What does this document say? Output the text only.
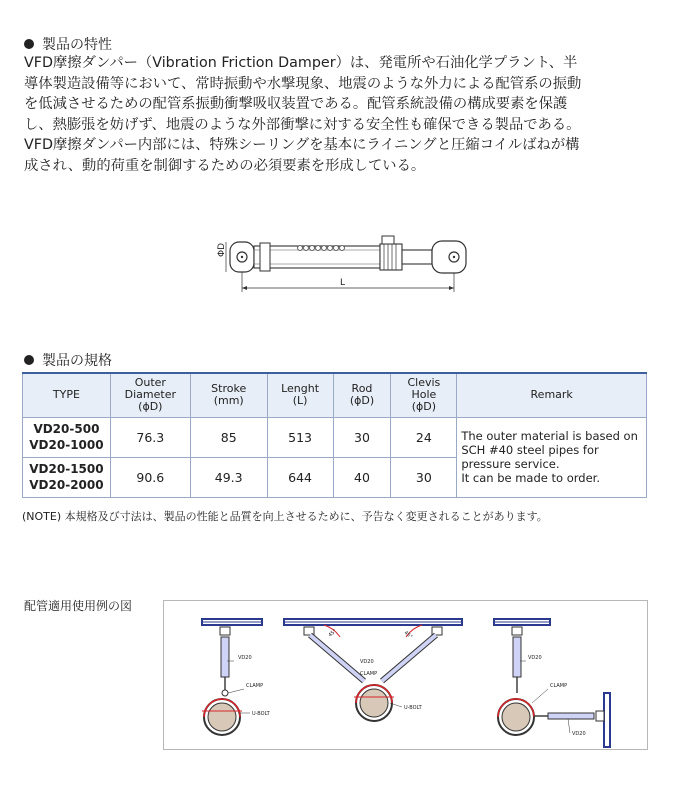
製品の特性

VFD摩擦ダンパー（Vibration Friction Damper）は、発電所や石油化学プラント、半

導体製造設備等において、常時振動や水撃現象、地震のような外力による配管系の振動

を低減させるための配管系振動衝撃吸収装置である。配管系統設備の構成要素を保護

し、熱膨張を妨げず、地震のような外部衝撃に対する安全性も確保できる製品である。

VFD摩擦ダンパー内部には、特殊シーリングを基本にライニングと圧縮コイルばねが構

成され、動的荷重を制御するための必須要素を形成している。

ΦD
L
製品の規格
TYPE	Outer
Diameter
(ɸD)	Stroke
(mm)	Lenght
(L)	Rod
(ɸD)	Clevis
Hole
(ɸD)	Remark
VD20-500
VD20-1000	76.3	85	513	30	24	The outer material is based on SCH #40 steel pipes for pressure service.
It can be made to order.
VD20-1500
VD20-2000	90.6	49.3	644	40	30	
(NOTE) 本規格及び寸法は、製品の性能と品質を向上させるために、予告なく変更されることがあります。
配管適用使用例の図
VD20
CLAMP
U-BOLT
45°	45°
VD20
CLAMP
U-BOLT
VD20
CLAMP
VD20
